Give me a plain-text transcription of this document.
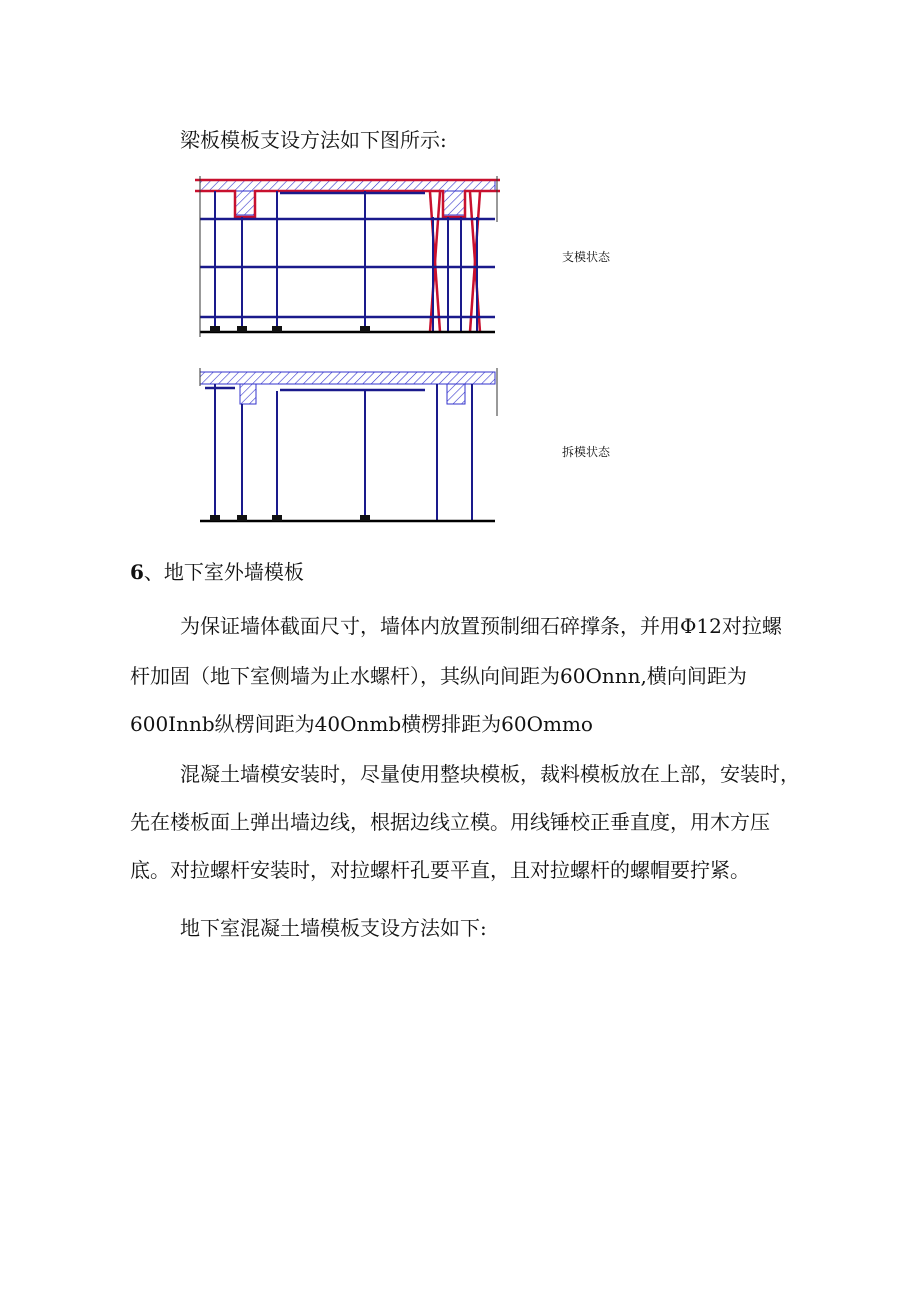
梁板模板支设方法如下图所示:
支模状态
拆模状态
6、地下室外墙模板
为保证墙体截面尺寸，墙体内放置预制细石碎撑条，并用Φ12对拉螺
杆加固（地下室侧墙为止水螺杆），其纵向间距为60Onnn,横向间距为
600Innb纵楞间距为40Onmb横楞排距为60Ommo
混凝土墙模安装时，尽量使用整块模板，裁料模板放在上部，安装时，
先在楼板面上弹出墙边线，根据边线立模。用线锤校正垂直度，用木方压
底。对拉螺杆安装时，对拉螺杆孔要平直，且对拉螺杆的螺帽要拧紧。
地下室混凝土墙模板支设方法如下:
